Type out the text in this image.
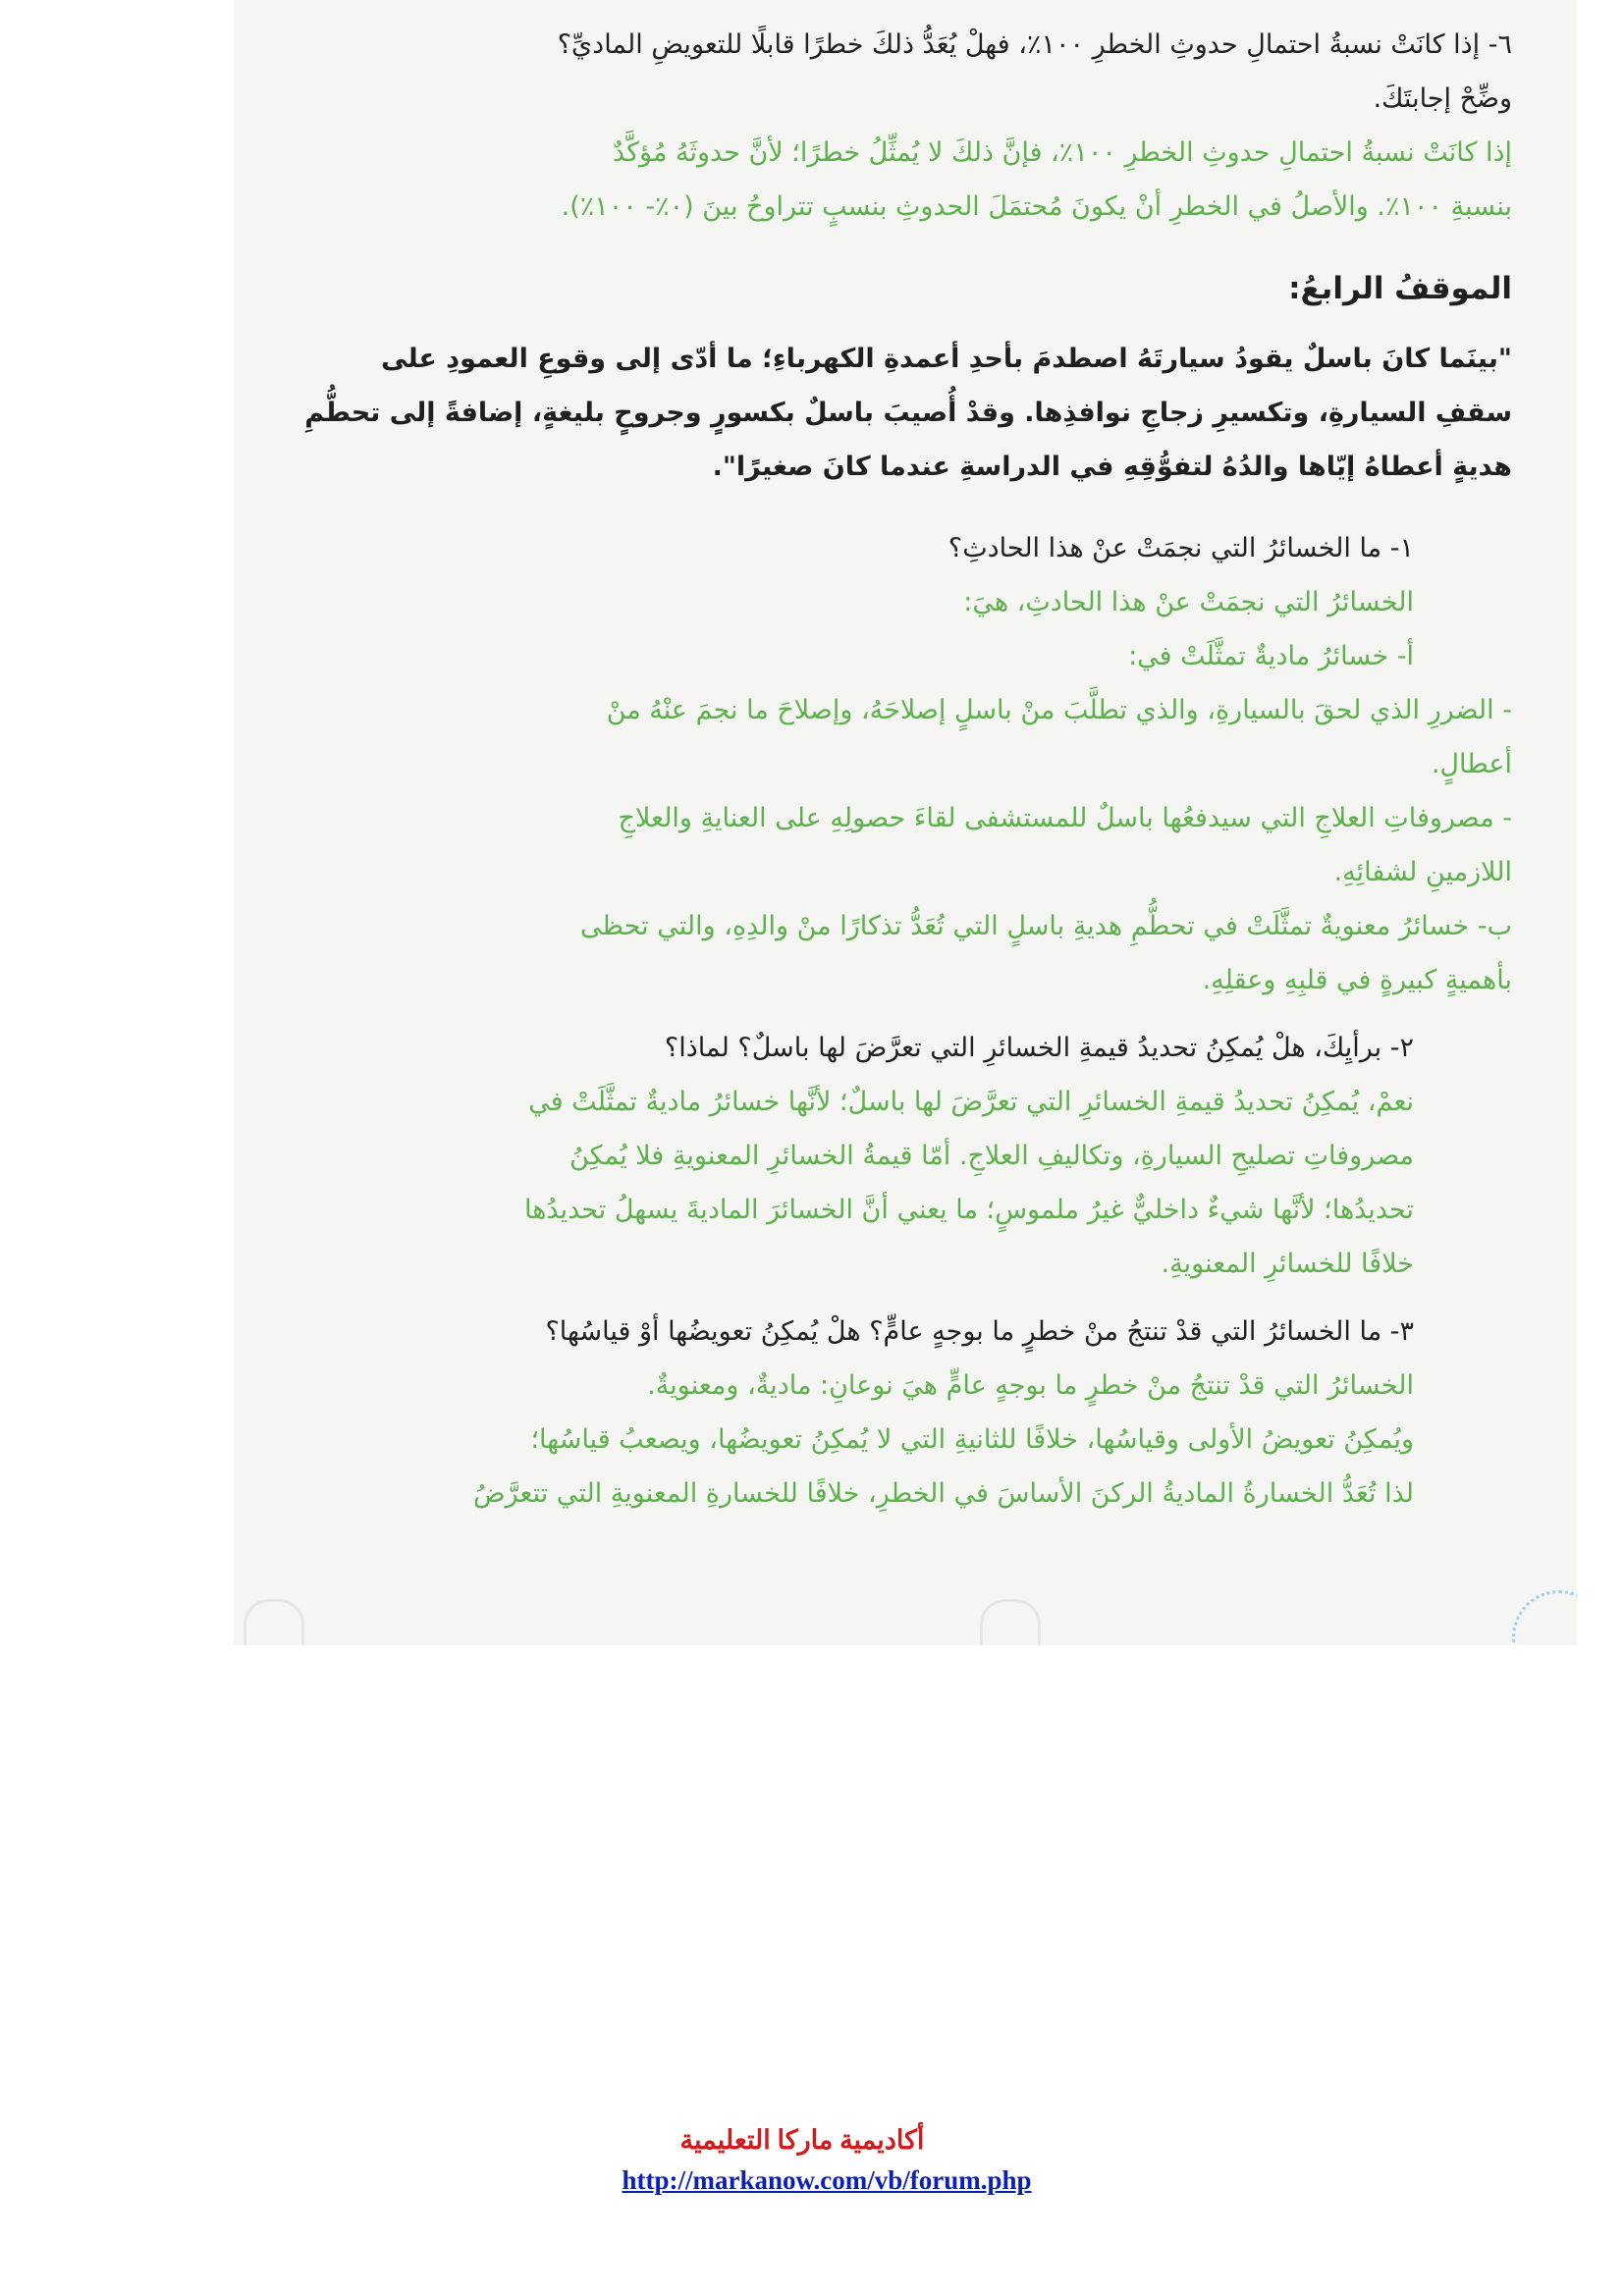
٦- إذا كانَتْ نسبةُ احتمالِ حدوثِ الخطرِ ١٠٠٪، فهلْ يُعَدُّ ذلكَ خطرًا قابلًا للتعويضِ الماديِّ؟

وضِّحْ إجابتَكَ.

إذا كانَتْ نسبةُ احتمالِ حدوثِ الخطرِ ١٠٠٪، فإنَّ ذلكَ لا يُمثِّلُ خطرًا؛ لأنَّ حدوثَهُ مُؤكَّدٌ

بنسبةِ ١٠٠٪. والأصلُ في الخطرِ أنْ يكونَ مُحتمَلَ الحدوثِ بنسبٍ تتراوحُ بينَ (٠٪- ١٠٠٪).

الموقفُ الرابعُ:

"بينَما كانَ باسلٌ يقودُ سيارتَهُ اصطدمَ بأحدِ أعمدةِ الكهرباءِ؛ ما أدّى إلى وقوعِ العمودِ على

سقفِ السيارةِ، وتكسيرِ زجاجِ نوافذِها. وقدْ أُصيبَ باسلٌ بكسورٍ وجروحٍ بليغةٍ، إضافةً إلى تحطُّمِ

هديةٍ أعطاهُ إيّاها والدُهُ لتفوُّقِهِ في الدراسةِ عندما كانَ صغيرًا".

١- ما الخسائرُ التي نجمَتْ عنْ هذا الحادثِ؟

الخسائرُ التي نجمَتْ عنْ هذا الحادثِ، هيَ:

أ- خسائرُ ماديةٌ تمثَّلَتْ في:

- الضررِ الذي لحقَ بالسيارةِ، والذي تطلَّبَ منْ باسلٍ إصلاحَهُ، وإصلاحَ ما نجمَ عنْهُ منْ

أعطالٍ.

- مصروفاتِ العلاجِ التي سيدفعُها باسلٌ للمستشفى لقاءَ حصولِهِ على العنايةِ والعلاجِ

اللازمينِ لشفائِهِ.

ب- خسائرُ معنويةٌ تمثَّلَتْ في تحطُّمِ هديةِ باسلٍ التي تُعَدُّ تذكارًا منْ والدِهِ، والتي تحظى

بأهميةٍ كبيرةٍ في قلبِهِ وعقلِهِ.

٢- برأيِكَ، هلْ يُمكِنُ تحديدُ قيمةِ الخسائرِ التي تعرَّضَ لها باسلٌ؟ لماذا؟

نعمْ، يُمكِنُ تحديدُ قيمةِ الخسائرِ التي تعرَّضَ لها باسلٌ؛ لأنَّها خسائرُ ماديةٌ تمثَّلَتْ في

مصروفاتِ تصليحِ السيارةِ، وتكاليفِ العلاجِ. أمّا قيمةُ الخسائرِ المعنويةِ فلا يُمكِنُ

تحديدُها؛ لأنَّها شيءٌ داخليٌّ غيرُ ملموسٍ؛ ما يعني أنَّ الخسائرَ الماديةَ يسهلُ تحديدُها

خلافًا للخسائرِ المعنويةِ.

٣- ما الخسائرُ التي قدْ تنتجُ منْ خطرٍ ما بوجهٍ عامٍّ؟ هلْ يُمكِنُ تعويضُها أوْ قياسُها؟

الخسائرُ التي قدْ تنتجُ منْ خطرٍ ما بوجهٍ عامٍّ هيَ نوعانِ: ماديةٌ، ومعنويةٌ.

ويُمكِنُ تعويضُ الأولى وقياسُها، خلافًا للثانيةِ التي لا يُمكِنُ تعويضُها، ويصعبُ قياسُها؛

لذا تُعَدُّ الخسارةُ الماديةُ الركنَ الأساسَ في الخطرِ، خلافًا للخسارةِ المعنويةِ التي تتعرَّضُ

أكاديمية ماركا التعليمية
http://markanow.com/vb/forum.php
